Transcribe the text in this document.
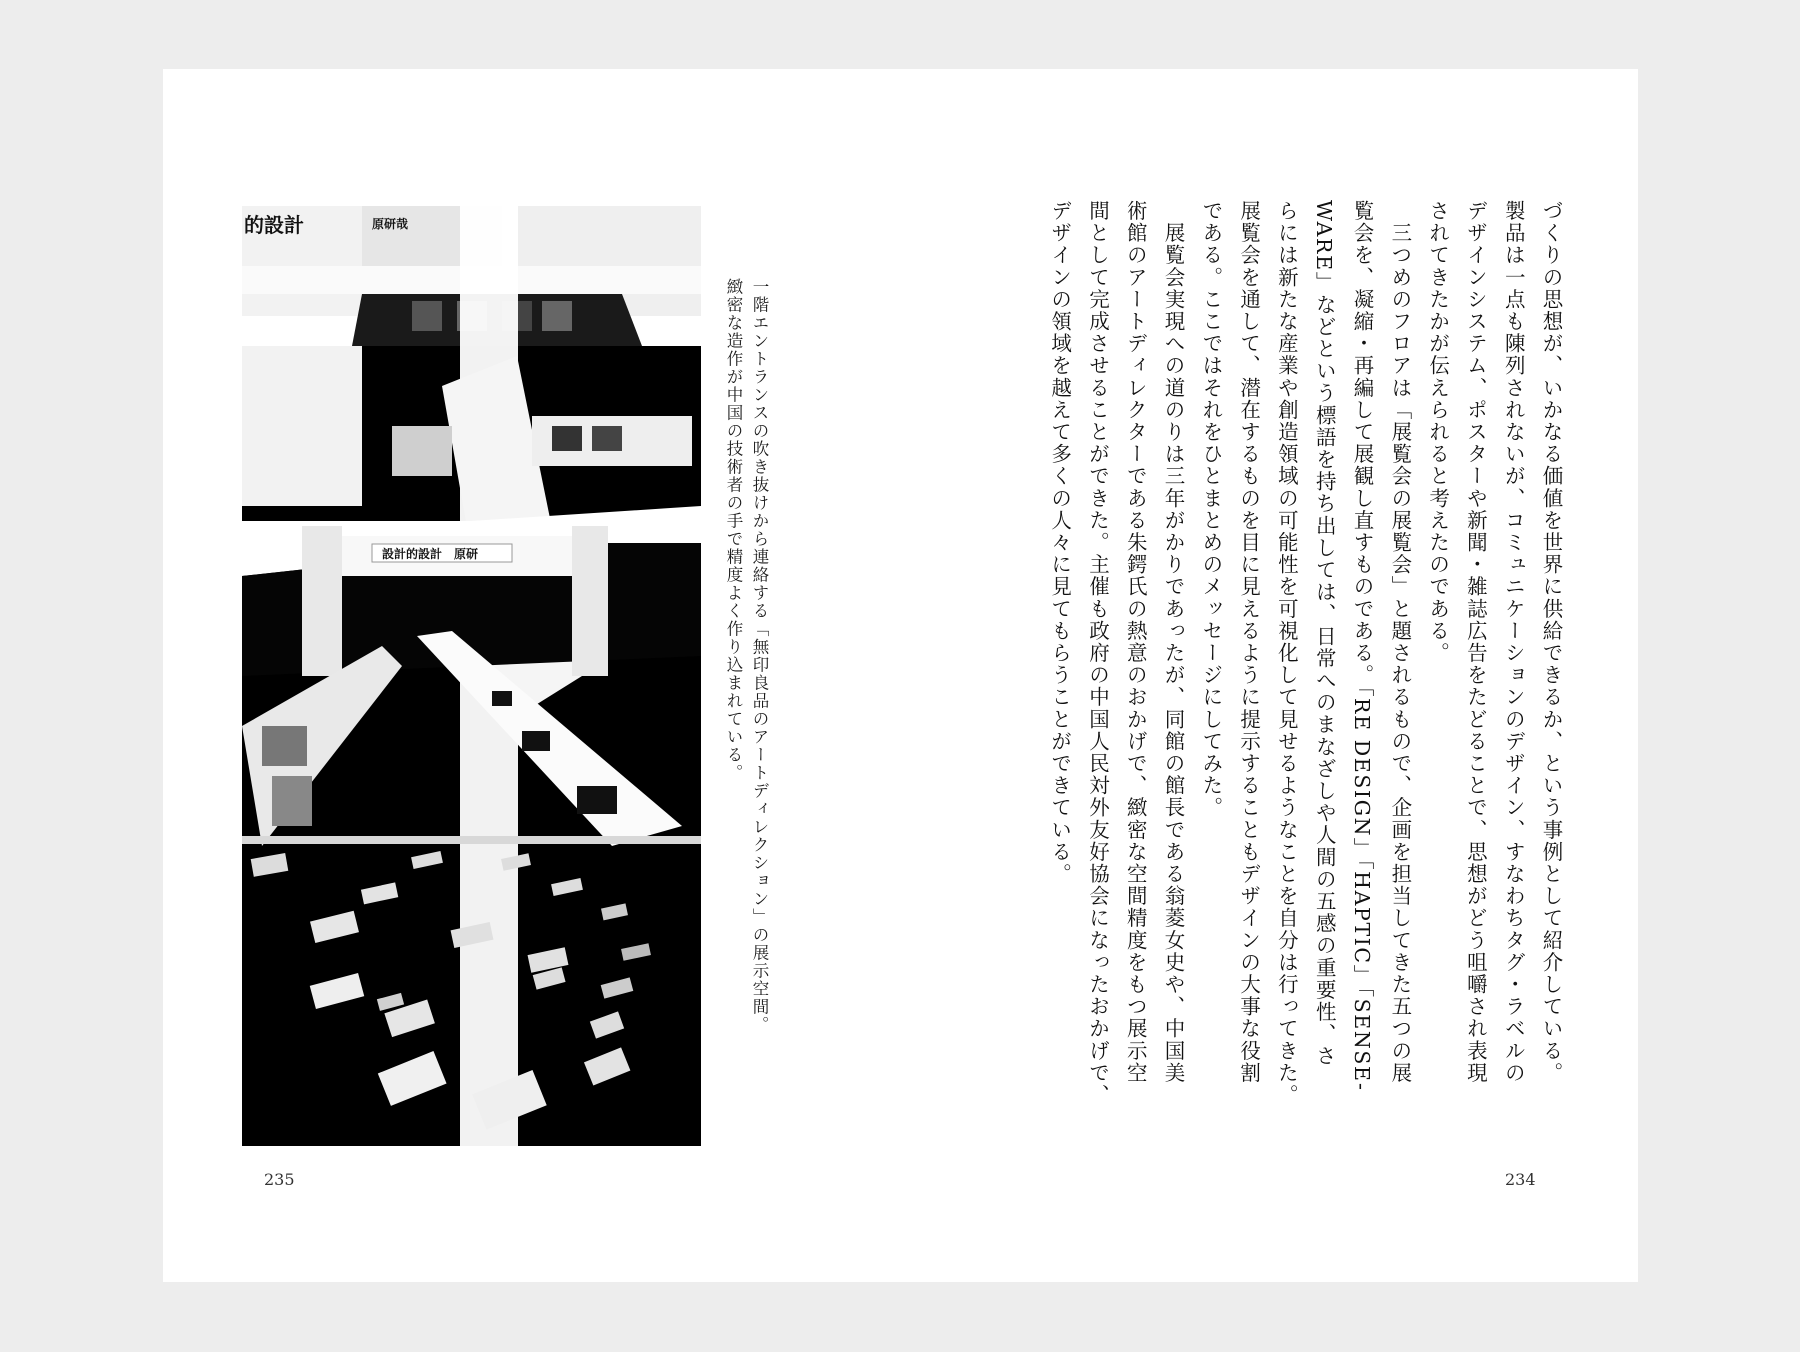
的設計	原研哉
設計的設計　原研	一階エントランスの吹き抜けから連絡する「無印良品のアートディレクション」の展示空間。

緻密な造作が中国の技術者の手で精度よく作り込まれている。	づくりの思想が、いかなる価値を世界に供給できるか、という事例として紹介している。

製品は一点も陳列されないが、コミュニケーションのデザイン、すなわちタグ・ラベルの

デザインシステム、ポスターや新聞・雑誌広告をたどることで、思想がどう咀嚼され表現

されてきたかが伝えられると考えたのである。

　三つめのフロアは「展覧会の展覧会」と題されるもので、企画を担当してきた五つの展

覧会を、凝縮・再編して展観し直すものである。「RE DESIGN」「HAPTIC」「SENSE-

WARE」などという標語を持ち出しては、日常へのまなざしや人間の五感の重要性、さ

らには新たな産業や創造領域の可能性を可視化して見せるようなことを自分は行ってきた。

展覧会を通して、潜在するものを目に見えるように提示することもデザインの大事な役割

である。ここではそれをひとまとめのメッセージにしてみた。

　展覧会実現への道のりは三年がかりであったが、同館の館長である翁菱女史や、中国美

術館のアートディレクターである朱鍔氏の熱意のおかげで、緻密な空間精度をもつ展示空

間として完成させることができた。主催も政府の中国人民対外友好協会になったおかげで、

デザインの領域を越えて多くの人々に見てもらうことができている。

235	234
